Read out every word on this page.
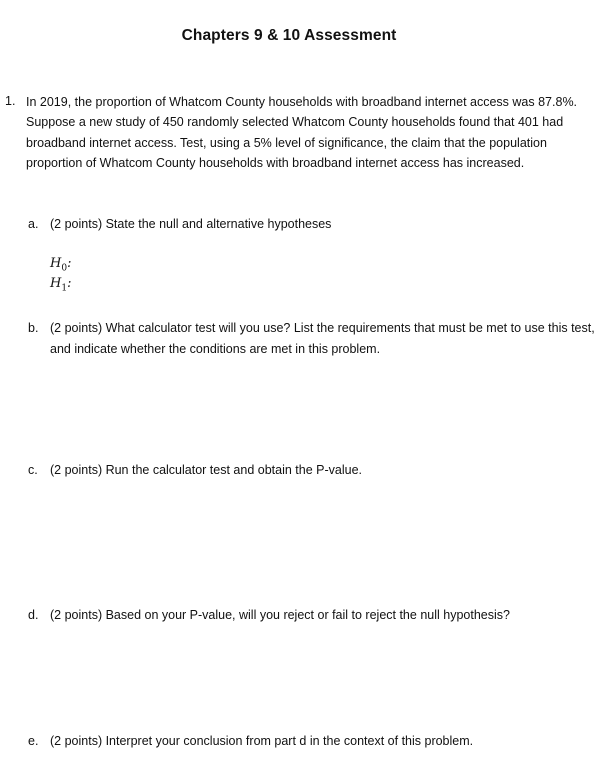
Chapters 9 & 10 Assessment
1. In 2019, the proportion of Whatcom County households with broadband internet access was 87.8%. Suppose a new study of 450 randomly selected Whatcom County households found that 401 had broadband internet access. Test, using a 5% level of significance, the claim that the population proportion of Whatcom County households with broadband internet access has increased.
a. (2 points) State the null and alternative hypotheses
$H_0$:
$H_1$:
b. (2 points) What calculator test will you use? List the requirements that must be met to use this test, and indicate whether the conditions are met in this problem.
c. (2 points) Run the calculator test and obtain the P-value.
d. (2 points) Based on your P-value, will you reject or fail to reject the null hypothesis?
e. (2 points) Interpret your conclusion from part d in the context of this problem.
